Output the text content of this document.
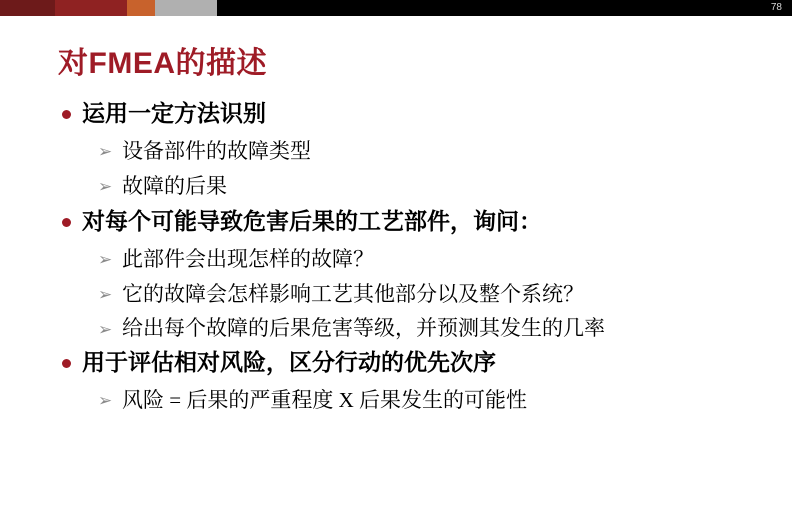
78
对FMEA的描述
运用一定方法识别
➢ 设备部件的故障类型
➢ 故障的后果
对每个可能导致危害后果的工艺部件，询问：
➢ 此部件会出现怎样的故障？
➢ 它的故障会怎样影响工艺其他部分以及整个系统？
➢ 给出每个故障的后果危害等级，并预测其发生的几率
用于评估相对风险，区分行动的优先次序
➢ 风险 = 后果的严重程度 X 后果发生的可能性
